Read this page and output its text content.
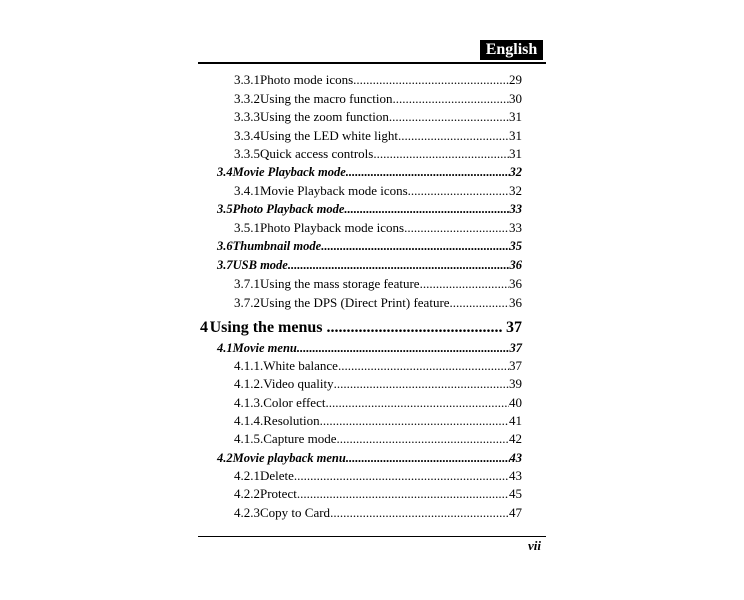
English
3.3.1 Photo mode icons .....	29
3.3.2 Using the macro function .....	30
3.3.3 Using the zoom function .....	31
3.3.4 Using the LED white light .....	31
3.3.5 Quick access controls .....	31
3.4 Movie Playback mode .....	32
3.4.1 Movie Playback mode icons .....	32
3.5 Photo Playback mode .....	33
3.5.1 Photo Playback mode icons .....	33
3.6 Thumbnail mode .....	35
3.7 USB mode .....	36
3.7.1 Using the mass storage feature .....	36
3.7.2 Using the DPS (Direct Print) feature .....	36
4 Using the menus .....	37
4.1 Movie menu .....	37
4.1.1. White balance .....	37
4.1.2. Video quality .....	39
4.1.3. Color effect .....	40
4.1.4. Resolution .....	41
4.1.5. Capture mode .....	42
4.2 Movie playback menu .....	43
4.2.1 Delete .....	43
4.2.2 Protect .....	45
4.2.3 Copy to Card .....	47
vii
